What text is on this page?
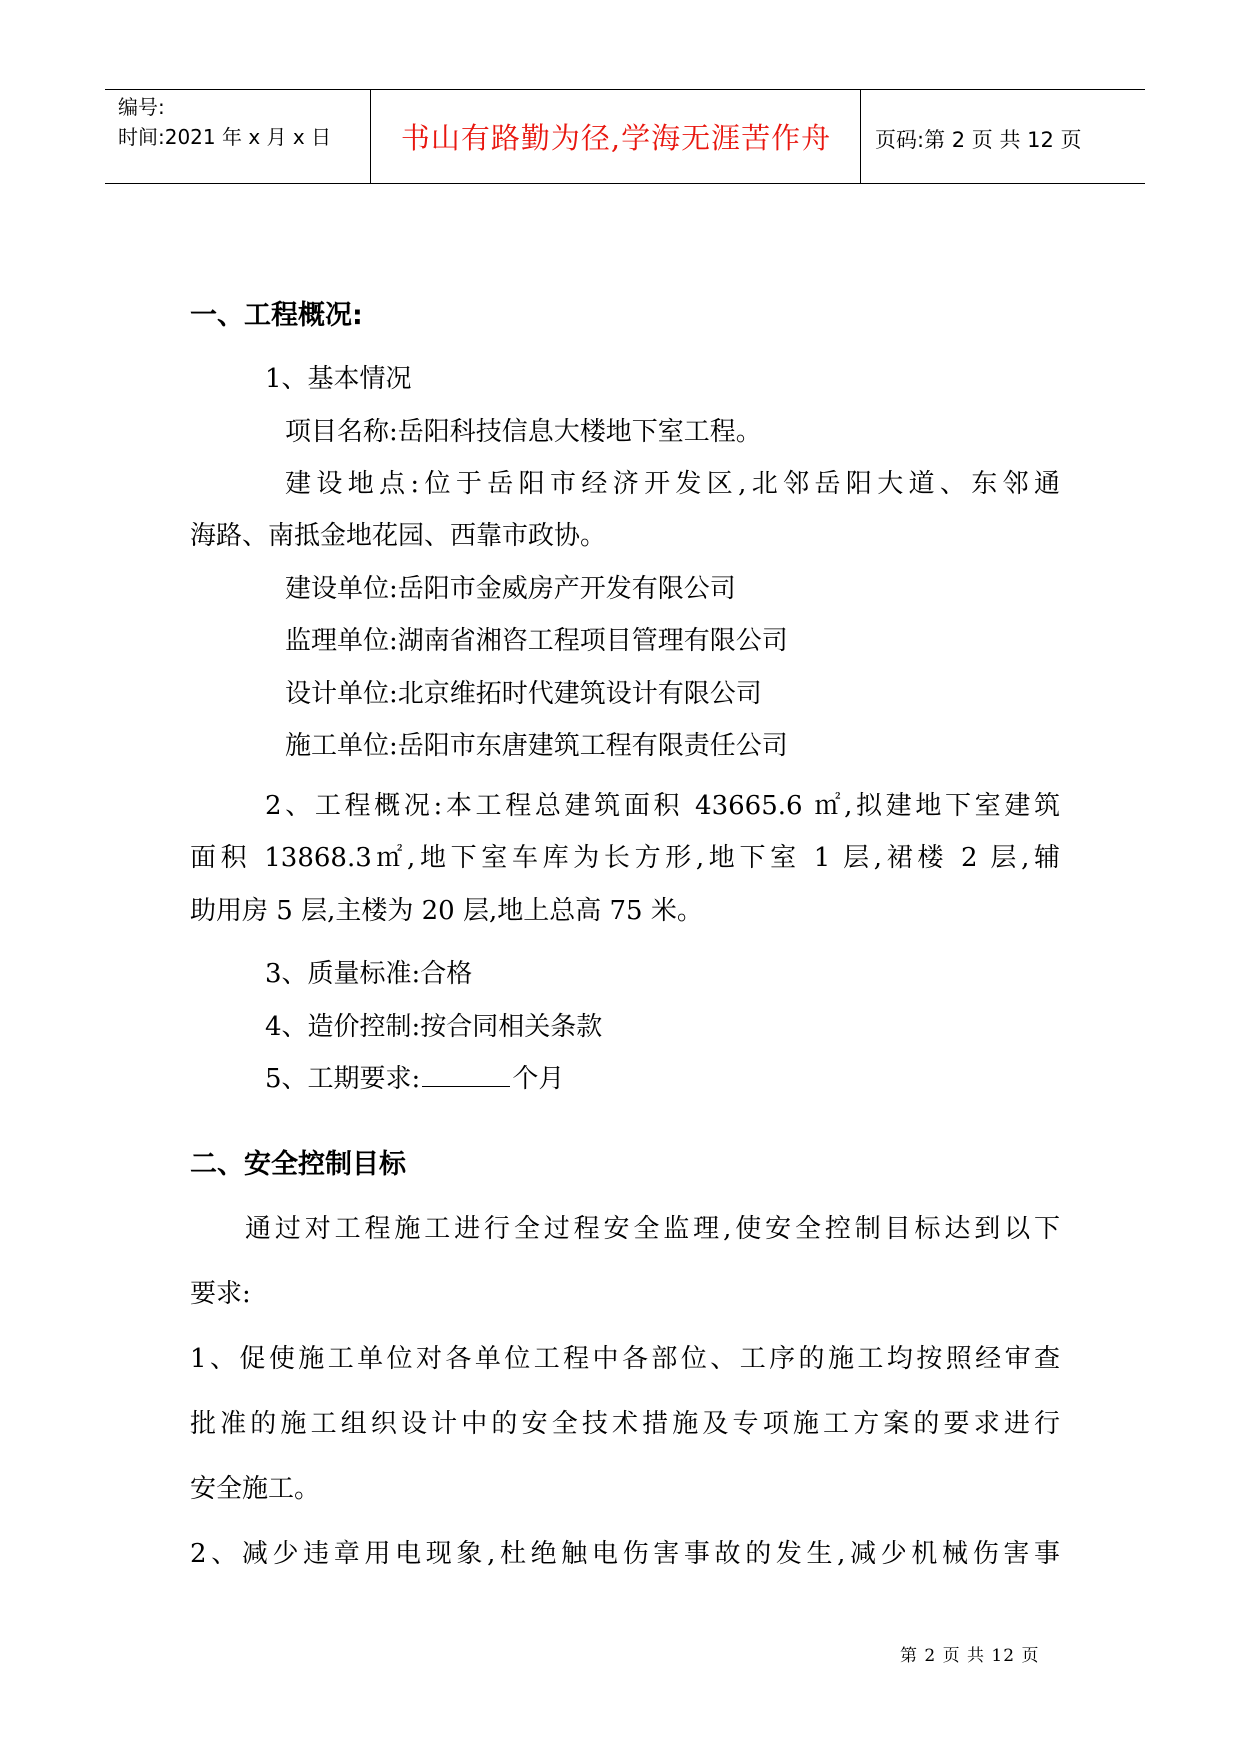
编号:
时间:2021 年 x 月 x 日	书山有路勤为径,学海无涯苦作舟	页码:第 2 页 共 12 页
一、工程概况:
1、基本情况
项目名称:岳阳科技信息大楼地下室工程。
建设地点:位于岳阳市经济开发区,北邻岳阳大道、东邻通
海路、南抵金地花园、西靠市政协。
建设单位:岳阳市金威房产开发有限公司
监理单位:湖南省湘咨工程项目管理有限公司
设计单位:北京维拓时代建筑设计有限公司
施工单位:岳阳市东唐建筑工程有限责任公司
2、工程概况:本工程总建筑面积 43665.6 ㎡,拟建地下室建筑
面积 13868.3㎡,地下室车库为长方形,地下室 1 层,裙楼 2 层,辅
助用房 5 层,主楼为 20 层,地上总高 75 米。
3、质量标准:合格
4、造价控制:按合同相关条款
5、工期要求:	个月
二、安全控制目标
通过对工程施工进行全过程安全监理,使安全控制目标达到以下
要求:
1、促使施工单位对各单位工程中各部位、工序的施工均按照经审查
批准的施工组织设计中的安全技术措施及专项施工方案的要求进行
安全施工。
2、减少违章用电现象,杜绝触电伤害事故的发生,减少机械伤害事
第 2 页 共 12 页
